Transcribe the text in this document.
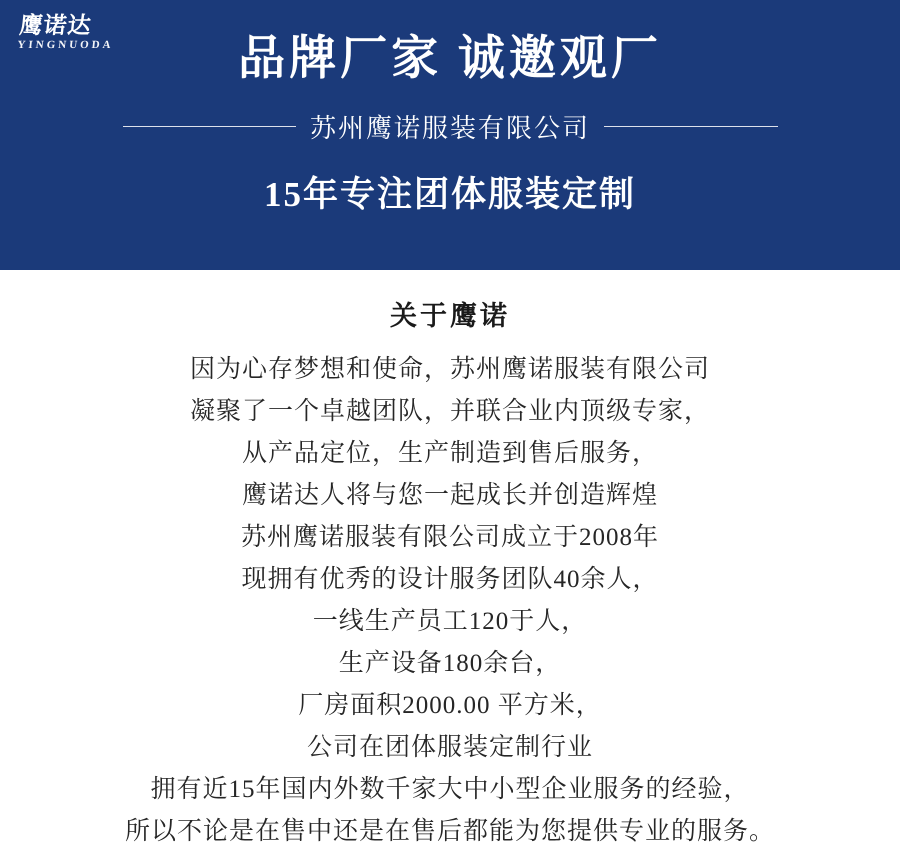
鹰诺达
YINGNUODA	品牌厂家 诚邀观厂
苏州鹰诺服装有限公司
15年专注团体服装定制
关于鹰诺
因为心存梦想和使命，苏州鹰诺服装有限公司
凝聚了一个卓越团队，并联合业内顶级专家，
从产品定位，生产制造到售后服务，
鹰诺达人将与您一起成长并创造辉煌
苏州鹰诺服装有限公司成立于2008年
现拥有优秀的设计服务团队40余人，
一线生产员工120于人，
生产设备180余台，
厂房面积2000.00 平方米，
公司在团体服装定制行业
拥有近15年国内外数千家大中小型企业服务的经验，
所以不论是在售中还是在售后都能为您提供专业的服务。
